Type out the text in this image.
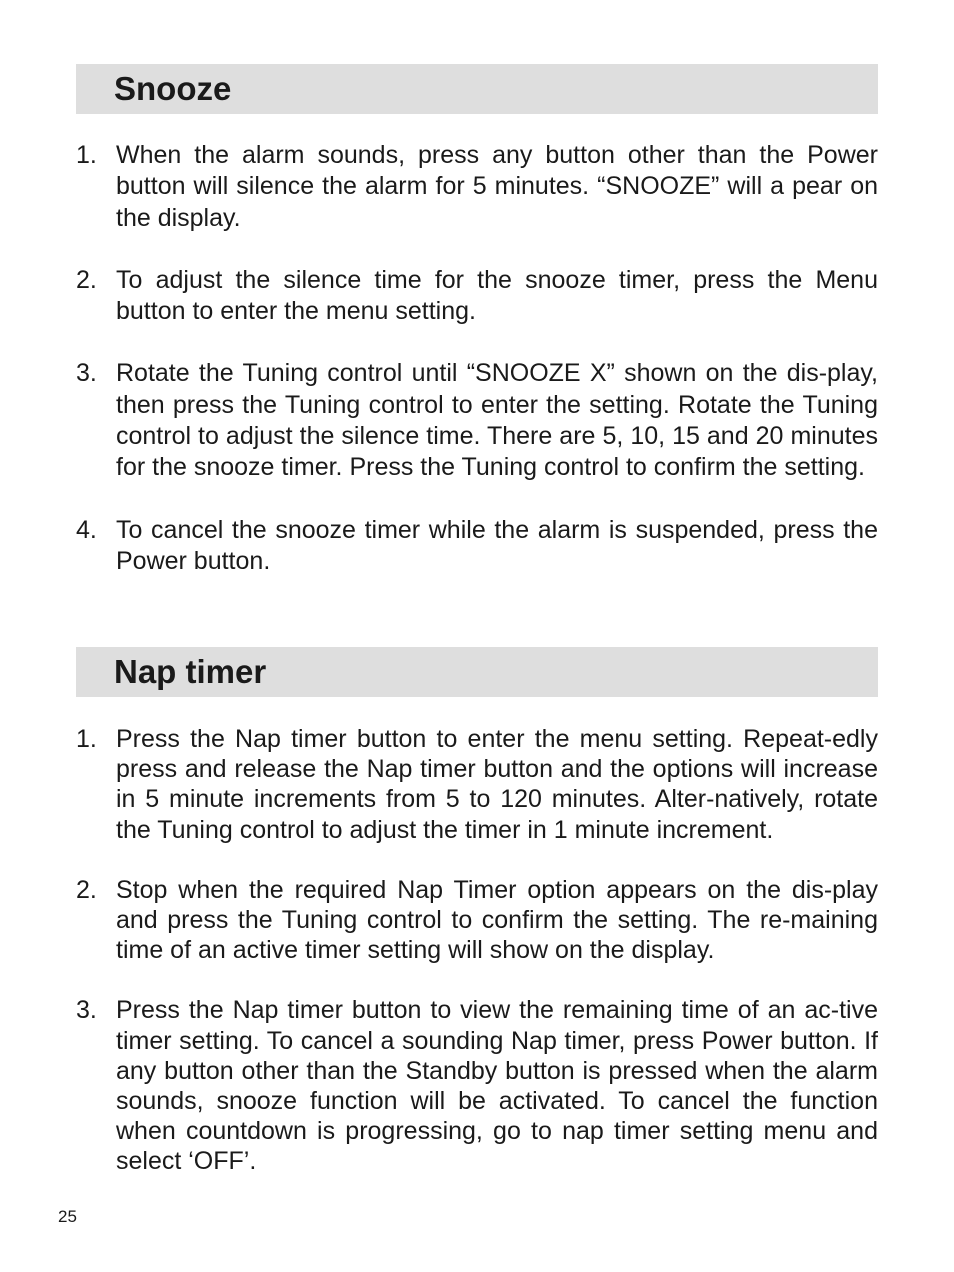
Snooze
1. When the alarm sounds, press any button other than the Power button will silence the alarm for 5 minutes. “SNOOZE” will a pear on the display.
2. To adjust the silence time for the snooze timer, press the Menu button to enter the menu setting.
3. Rotate the Tuning control until “SNOOZE X” shown on the dis-play, then press the Tuning control to enter the setting. Rotate the Tuning control to adjust the silence time. There are 5, 10, 15 and 20 minutes for the snooze timer. Press the Tuning control to confirm the setting.
4. To cancel the snooze timer while the alarm is suspended, press the Power button.
Nap timer
1. Press the Nap timer button to enter the menu setting. Repeat-edly press and release the Nap timer button and the options will increase in 5 minute increments from 5 to 120 minutes. Alter-natively, rotate the Tuning control to adjust the timer in 1 minute increment.
2. Stop when the required Nap Timer option appears on the dis-play and press the Tuning control to confirm the setting. The re-maining time of an active timer setting will show on the display.
3. Press the Nap timer button to view the remaining time of an ac-tive timer setting. To cancel a sounding Nap timer, press Power button. If any button other than the Standby button is pressed when the alarm sounds, snooze function will be activated. To cancel the function when countdown is progressing, go to nap timer setting menu and select ‘OFF’.
25
